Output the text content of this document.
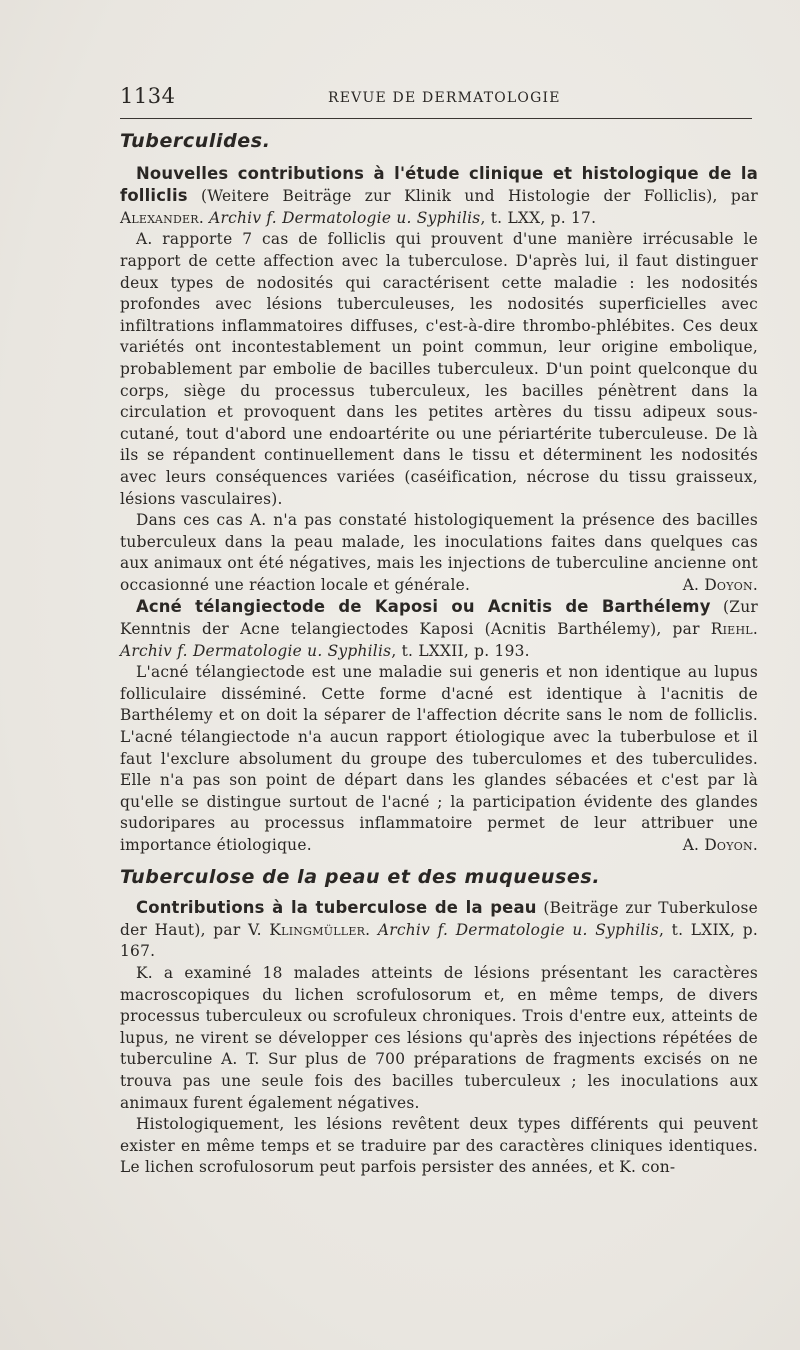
1134	REVUE DE DERMATOLOGIE
Tuberculides.

Nouvelles contributions à l'étude clinique et histologique de la folliclis (Weitere Beiträge zur Klinik und Histologie der Folliclis), par Alexander. Archiv f. Dermatologie u. Syphilis, t. LXX, p. 17.

A. rapporte 7 cas de folliclis qui prouvent d'une manière irrécusable le rapport de cette affection avec la tuberculose. D'après lui, il faut distinguer deux types de nodosités qui caractérisent cette maladie : les nodosités profondes avec lésions tuberculeuses, les nodosités superficielles avec infiltrations inflammatoires diffuses, c'est-à-dire thrombo-phlébites. Ces deux variétés ont incontestablement un point commun, leur origine embolique, probablement par embolie de bacilles tuberculeux. D'un point quelconque du corps, siège du processus tuberculeux, les bacilles pénètrent dans la circulation et provoquent dans les petites artères du tissu adipeux sous-cutané, tout d'abord une endoartérite ou une périartérite tuberculeuse. De là ils se répandent continuellement dans le tissu et déterminent les nodosités avec leurs conséquences variées (caséification, nécrose du tissu graisseux, lésions vasculaires).

Dans ces cas A. n'a pas constaté histologiquement la présence des bacilles tuberculeux dans la peau malade, les inoculations faites dans quelques cas aux animaux ont été négatives, mais les injections de tuberculine ancienne ont occasionné une réaction locale et générale.	A. Doyon.

Acné télangiectode de Kaposi ou Acnitis de Barthélemy (Zur Kenntnis der Acne telangiectodes Kaposi (Acnitis Barthélemy), par Riehl. Archiv f. Dermatologie u. Syphilis, t. LXXII, p. 193.

L'acné télangiectode est une maladie sui generis et non identique au lupus folliculaire disséminé. Cette forme d'acné est identique à l'acnitis de Barthélemy et on doit la séparer de l'affection décrite sans le nom de folliclis. L'acné télangiectode n'a aucun rapport étiologique avec la tuberbulose et il faut l'exclure absolument du groupe des tuberculomes et des tuberculides. Elle n'a pas son point de départ dans les glandes sébacées et c'est par là qu'elle se distingue surtout de l'acné ; la participation évidente des glandes sudoripares au processus inflammatoire permet de leur attribuer une importance étiologique.	A. Doyon.

Tuberculose de la peau et des muqueuses.

Contributions à la tuberculose de la peau (Beiträge zur Tuberkulose der Haut), par V. Klingmüller. Archiv f. Dermatologie u. Syphilis, t. LXIX, p. 167.

K. a examiné 18 malades atteints de lésions présentant les caractères macroscopiques du lichen scrofulosorum et, en même temps, de divers processus tuberculeux ou scrofuleux chroniques. Trois d'entre eux, atteints de lupus, ne virent se développer ces lésions qu'après des injections répétées de tuberculine A. T. Sur plus de 700 préparations de fragments excisés on ne trouva pas une seule fois des bacilles tuberculeux ; les inoculations aux animaux furent également négatives.

Histologiquement, les lésions revêtent deux types différents qui peuvent exister en même temps et se traduire par des caractères cliniques identiques. Le lichen scrofulosorum peut parfois persister des années, et K. con-
